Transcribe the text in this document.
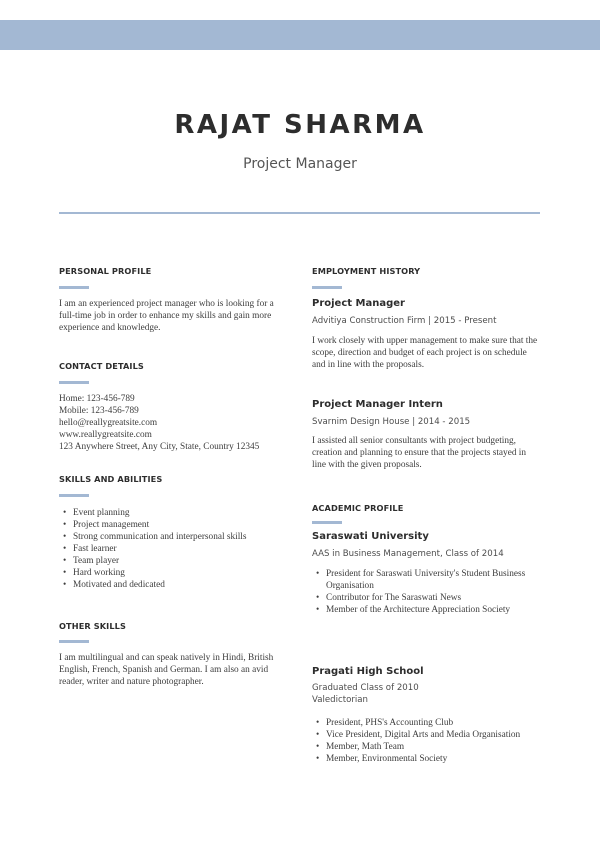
RAJAT SHARMA
Project Manager
PERSONAL PROFILE
I am an experienced project manager who is looking for a full-time job in order to enhance my skills and gain more experience and knowledge.
CONTACT DETAILS
Home: 123-456-789
Mobile: 123-456-789
hello@reallygreatsite.com
www.reallygreatsite.com
123 Anywhere Street, Any City, State, Country 12345
SKILLS AND ABILITIES
• Event planning
• Project management
• Strong communication and interpersonal skills
• Fast learner
• Team player
• Hard working
• Motivated and dedicated
OTHER SKILLS
I am multilingual and can speak natively in Hindi, British English, French, Spanish and German. I am also an avid reader, writer and nature photographer.
EMPLOYMENT HISTORY
Project Manager
Advitiya Construction Firm | 2015 - Present
I work closely with upper management to make sure that the scope, direction and budget of each project is on schedule and in line with the proposals.
Project Manager Intern
Svarnim Design House | 2014 - 2015
I assisted all senior consultants with project budgeting, creation and planning to ensure that the projects stayed in line with the given proposals.
ACADEMIC PROFILE
Saraswati University
AAS in Business Management, Class of 2014
• President for Saraswati University's Student Business Organisation
• Contributor for The Saraswati News
• Member of the Architecture Appreciation Society
Pragati High School
Graduated Class of 2010
Valedictorian
• President, PHS's Accounting Club
• Vice President, Digital Arts and Media Organisation
• Member, Math Team
• Member, Environmental Society
